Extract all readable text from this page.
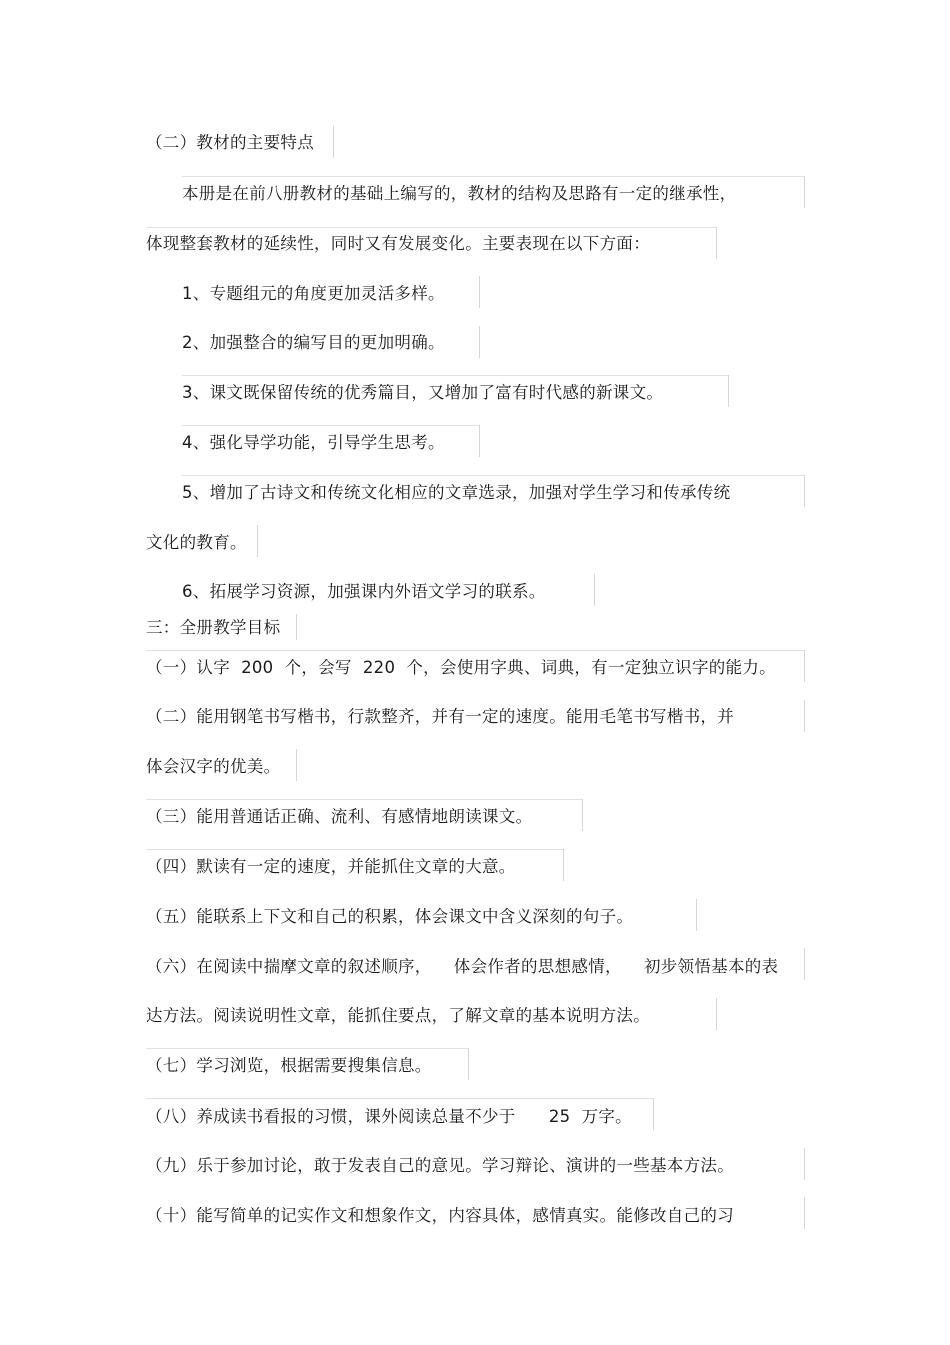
（二）教材的主要特点
本册是在前八册教材的基础上编写的，教材的结构及思路有一定的继承性，
体现整套教材的延续性，同时又有发展变化。主要表现在以下方面：
1、专题组元的角度更加灵活多样。
2、加强整合的编写目的更加明确。
3、课文既保留传统的优秀篇目，又增加了富有时代感的新课文。
4、强化导学功能，引导学生思考。
5、增加了古诗文和传统文化相应的文章选录，加强对学生学习和传承传统
文化的教育。
6、拓展学习资源，加强课内外语文学习的联系。
三：全册教学目标
（一）认字  200  个，会写  220  个，会使用字典、词典，有一定独立识字的能力。
（二）能用钢笔书写楷书，行款整齐，并有一定的速度。能用毛笔书写楷书，并
体会汉字的优美。
（三）能用普通话正确、流利、有感情地朗读课文。
（四）默读有一定的速度，并能抓住文章的大意。
（五）能联系上下文和自己的积累，体会课文中含义深刻的句子。
（六）在阅读中揣摩文章的叙述顺序，    体会作者的思想感情，    初步领悟基本的表
达方法。阅读说明性文章，能抓住要点，了解文章的基本说明方法。
（七）学习浏览，根据需要搜集信息。
（八）养成读书看报的习惯，课外阅读总量不少于      25  万字。
（九）乐于参加讨论，敢于发表自己的意见。学习辩论、演讲的一些基本方法。
（十）能写简单的记实作文和想象作文，内容具体，感情真实。能修改自己的习
